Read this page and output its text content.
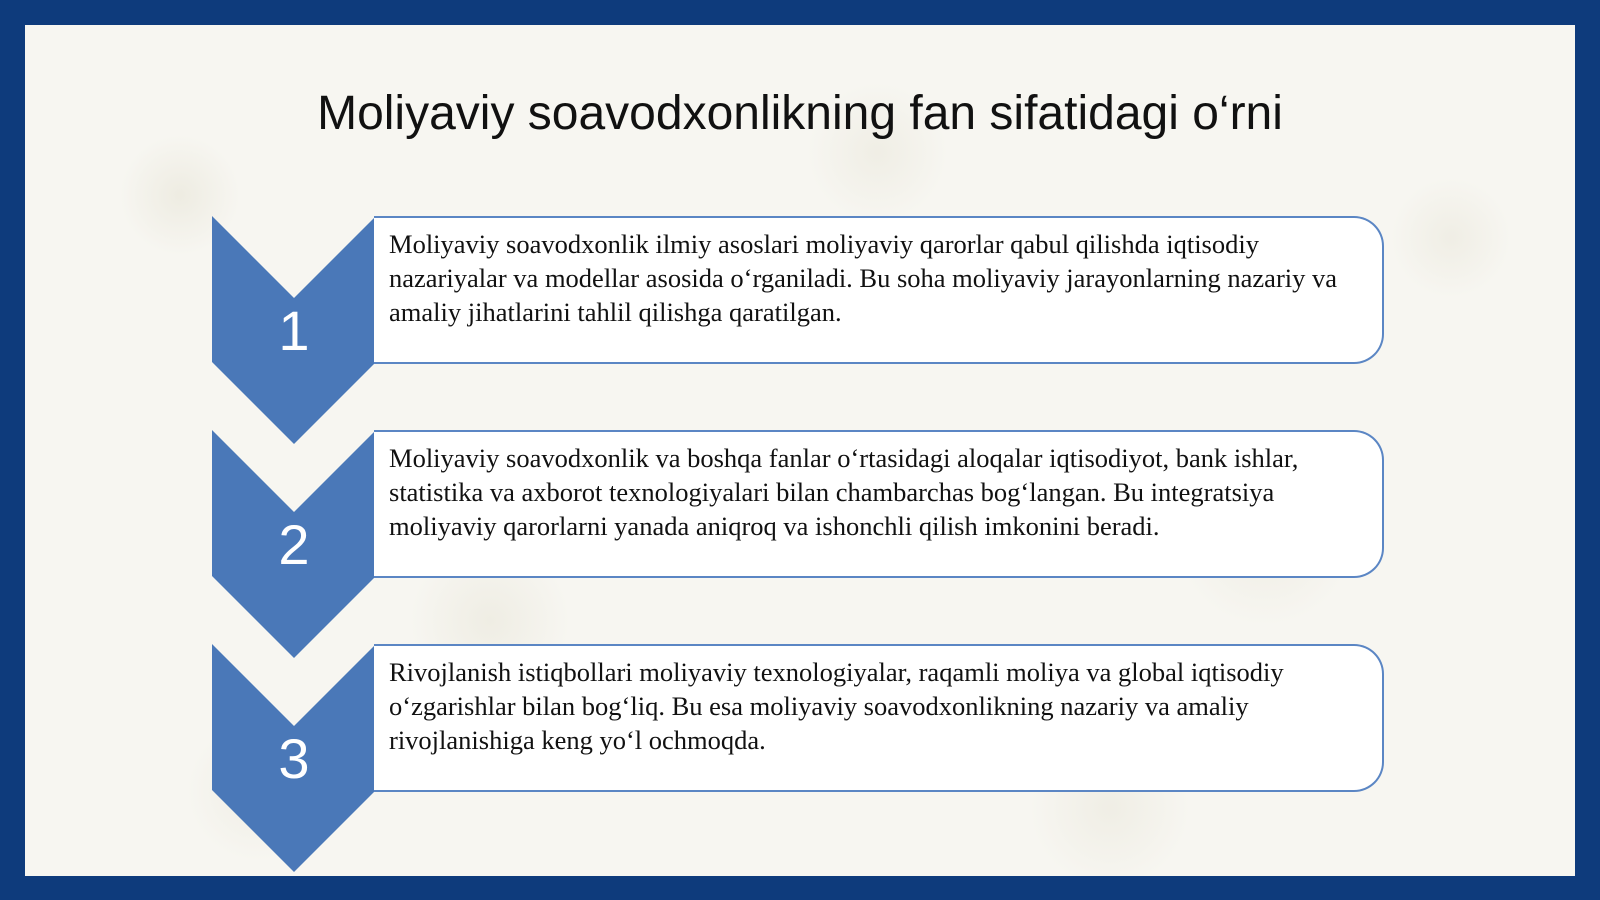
Moliyaviy soavodxonlikning fan sifatidagi o‘rni
1
Moliyaviy soavodxonlik ilmiy asoslari moliyaviy qarorlar qabul qilishda iqtisodiy nazariyalar va modellar asosida o‘rganiladi. Bu soha moliyaviy jarayonlarning nazariy va amaliy jihatlarini tahlil qilishga qaratilgan.
2
Moliyaviy soavodxonlik va boshqa fanlar o‘rtasidagi aloqalar iqtisodiyot, bank ishlar, statistika va axborot texnologiyalari bilan chambarchas bog‘langan. Bu integratsiya moliyaviy qarorlarni yanada aniqroq va ishonchli qilish imkonini beradi.
3
Rivojlanish istiqbollari moliyaviy texnologiyalar, raqamli moliya va global iqtisodiy o‘zgarishlar bilan bog‘liq. Bu esa moliyaviy soavodxonlikning nazariy va amaliy rivojlanishiga keng yo‘l ochmoqda.
